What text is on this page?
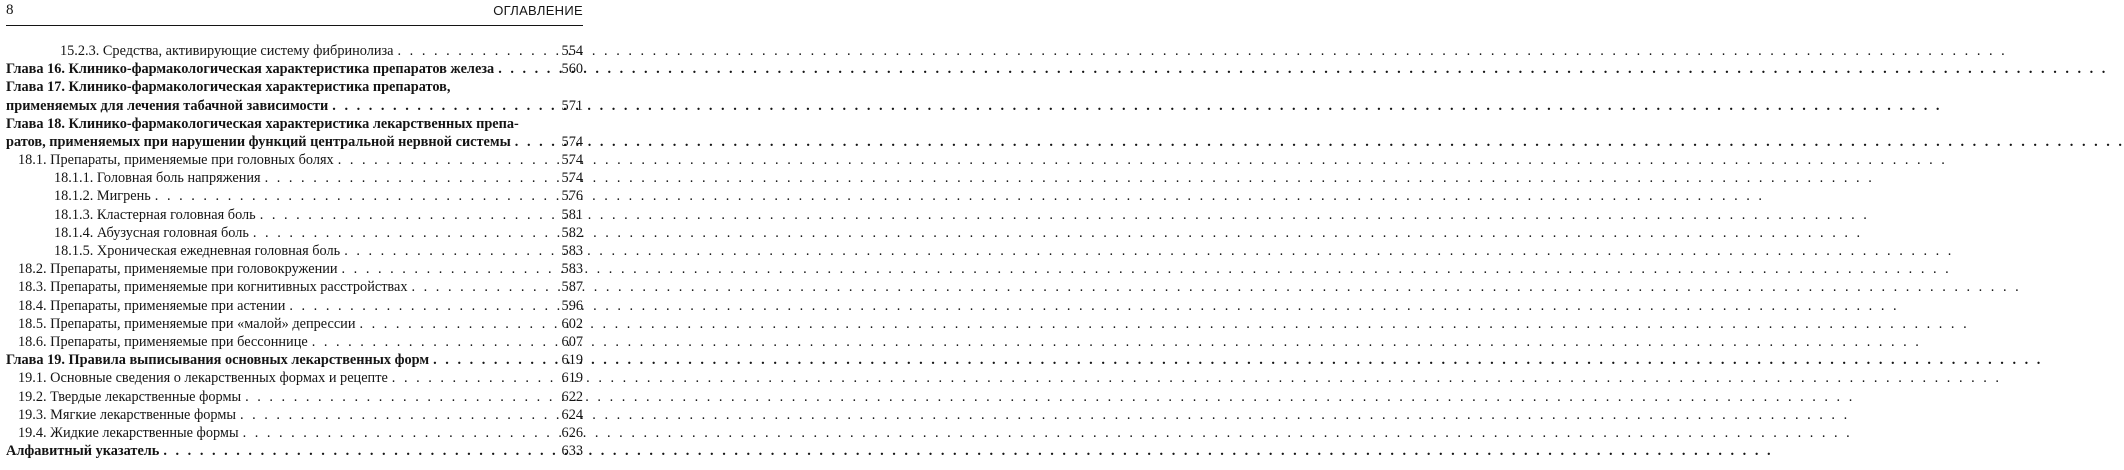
8	ОГЛАВЛЕНИЕ
15.2.3. Средства, активирующие систему фибринолиза . . .	554
Глава 16. Клинико-фармакологическая характеристика препаратов железа . . .	560
Глава 17. Клинико-фармакологическая характеристика препаратов,
применяемых для лечения табачной зависимости . . .	571
Глава 18. Клинико-фармакологическая характеристика лекарственных препа-
ратов, применяемых при нарушении функций центральной нервной системы . . .	574
18.1. Препараты, применяемые при головных болях . . .	574
18.1.1. Головная боль напряжения . . .	574
18.1.2. Мигрень . . .	576
18.1.3. Кластерная головная боль . . .	581
18.1.4. Абузусная головная боль . . .	582
18.1.5. Хроническая ежедневная головная боль . . .	583
18.2. Препараты, применяемые при головокружении . . .	583
18.3. Препараты, применяемые при когнитивных расстройствах . . .	587
18.4. Препараты, применяемые при астении . . .	596
18.5. Препараты, применяемые при «малой» депрессии . . .	602
18.6. Препараты, применяемые при бессоннице . . .	607
Глава 19. Правила выписывания основных лекарственных форм . . .	619
19.1. Основные сведения о лекарственных формах и рецепте . . .	619
19.2. Твердые лекарственные формы . . .	622
19.3. Мягкие лекарственные формы . . .	624
19.4. Жидкие лекарственные формы . . .	626
Алфавитный указатель . . .	633
